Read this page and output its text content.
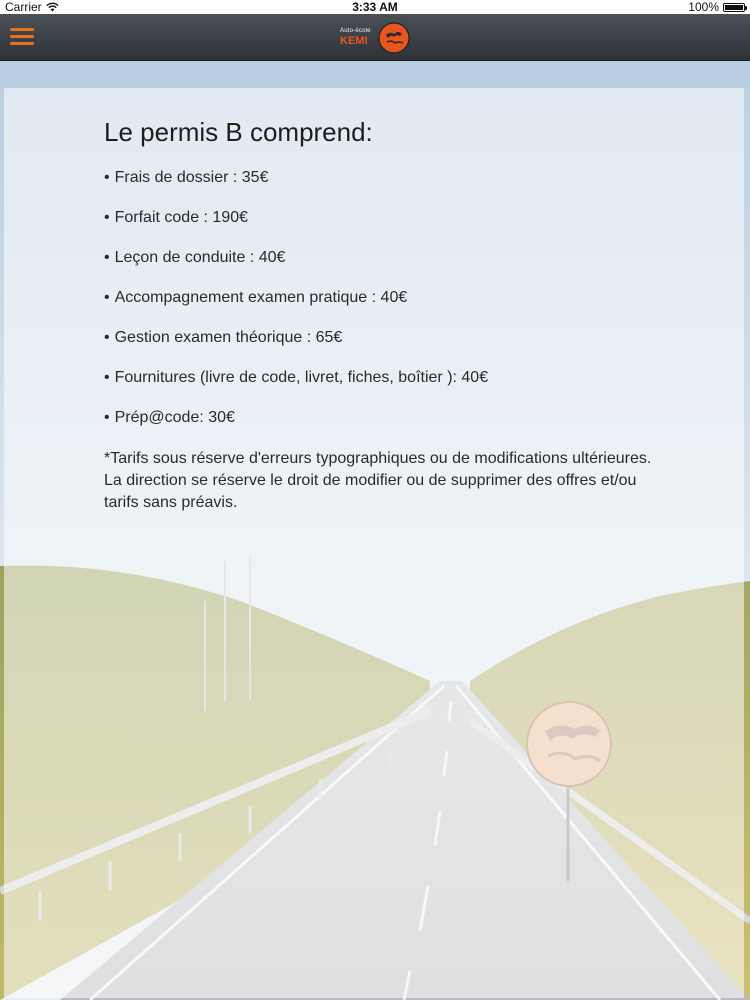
Carrier	3:33 AM	100%
Auto-école
KEMI
Le permis B comprend:
• Frais de dossier : 35€
• Forfait code : 190€
• Leçon de conduite : 40€
• Accompagnement examen pratique : 40€
• Gestion examen théorique : 65€
• Fournitures (livre de code, livret, fiches, boîtier ): 40€
• Prép@code: 30€

*Tarifs sous réserve d'erreurs typographiques ou de modifications ultérieures. La direction se réserve le droit de modifier ou de supprimer des offres et/ou tarifs sans préavis.
